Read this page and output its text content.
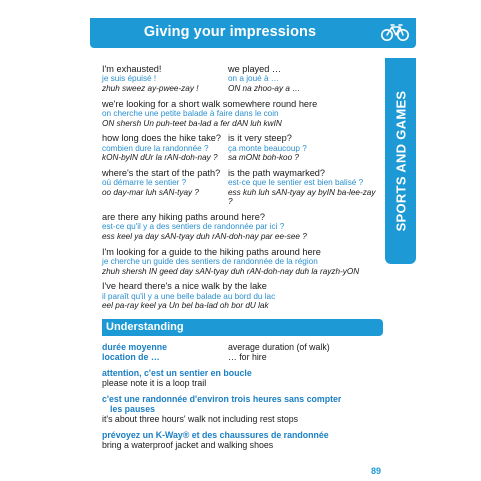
Giving your impressions
SPORTS AND GAMES
I'm exhausted!
je suis épuisé !
zhuh sweez ay-pwee-zay !
we played …
on a joué à …
ON na zhoo-ay a …
we're looking for a short walk somewhere round here
on cherche une petite balade à faire dans le coin
ON shersh Un puh-teet ba-lad a fer dAN luh kwIN
how long does the hike take?
combien dure la randonnée ?
kON-byIN dUr la rAN-doh-nay ?
is it very steep?
ça monte beaucoup ?
sa mONt boh-koo ?
where's the start of the path?
où démarre le sentier ?
oo day-mar luh sAN-tyay ?
is the path waymarked?
est-ce que le sentier est bien balisé ?
ess kuh luh sAN-tyay ay byIN ba-lee-zay ?
are there any hiking paths around here?
est-ce qu'il y a des sentiers de randonnée par ici ?
ess keel ya day sAN-tyay duh rAN-doh-nay par ee-see ?
I'm looking for a guide to the hiking paths around here
je cherche un guide des sentiers de randonnée de la région
zhuh shersh IN geed day sAN-tyay duh rAN-doh-nay duh la rayzh-yON
I've heard there's a nice walk by the lake
il paraît qu'il y a une belle balade au bord du lac
eel pa-ray keel ya Un bel ba-lad oh bor dU lak
Understanding
durée moyenne	average duration (of walk)
location de …	… for hire
attention, c'est un sentier en boucle
please note it is a loop trail
c'est une randonnée d'environ trois heures sans compter
les pauses
it's about three hours' walk not including rest stops
prévoyez un K-Way® et des chaussures de randonnée
bring a waterproof jacket and walking shoes
89
